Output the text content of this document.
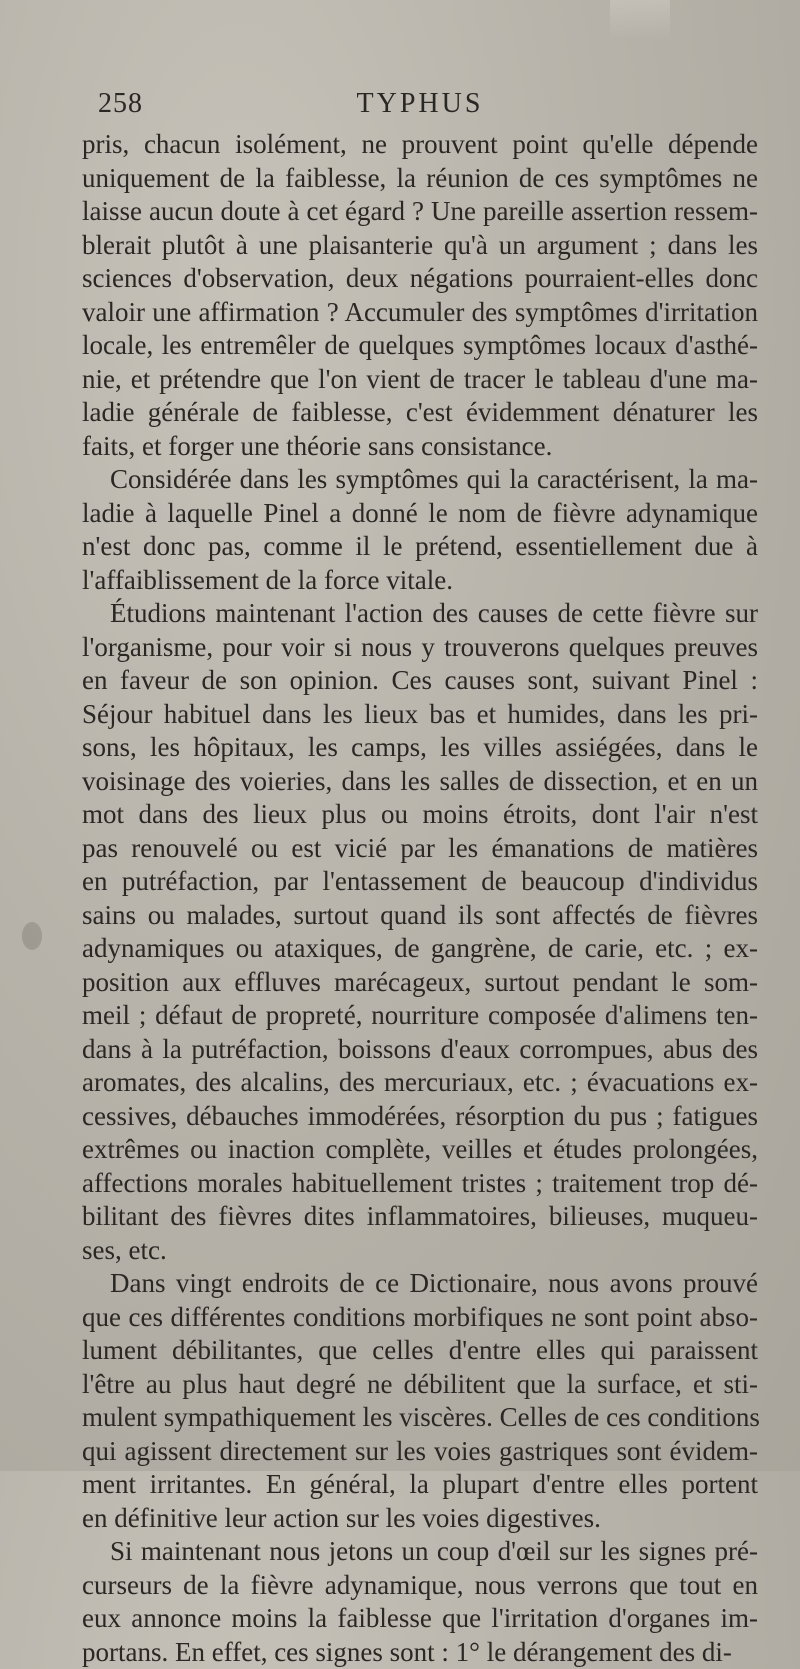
258	TYPHUS
pris, chacun isolément, ne prouvent point qu'elle dépende
uniquement de la faiblesse, la réunion de ces symptômes ne
laisse aucun doute à cet égard ? Une pareille assertion ressem-
blerait plutôt à une plaisanterie qu'à un argument ; dans les
sciences d'observation, deux négations pourraient-elles donc
valoir une affirmation ? Accumuler des symptômes d'irritation
locale, les entremêler de quelques symptômes locaux d'asthé-
nie, et prétendre que l'on vient de tracer le tableau d'une ma-
ladie générale de faiblesse, c'est évidemment dénaturer les
faits, et forger une théorie sans consistance.
Considérée dans les symptômes qui la caractérisent, la ma-
ladie à laquelle Pinel a donné le nom de fièvre adynamique
n'est donc pas, comme il le prétend, essentiellement due à
l'affaiblissement de la force vitale.
Étudions maintenant l'action des causes de cette fièvre sur
l'organisme, pour voir si nous y trouverons quelques preuves
en faveur de son opinion. Ces causes sont, suivant Pinel :
Séjour habituel dans les lieux bas et humides, dans les pri-
sons, les hôpitaux, les camps, les villes assiégées, dans le
voisinage des voieries, dans les salles de dissection, et en un
mot dans des lieux plus ou moins étroits, dont l'air n'est
pas renouvelé ou est vicié par les émanations de matières
en putréfaction, par l'entassement de beaucoup d'individus
sains ou malades, surtout quand ils sont affectés de fièvres
adynamiques ou ataxiques, de gangrène, de carie, etc. ; ex-
position aux effluves marécageux, surtout pendant le som-
meil ; défaut de propreté, nourriture composée d'alimens ten-
dans à la putréfaction, boissons d'eaux corrompues, abus des
aromates, des alcalins, des mercuriaux, etc. ; évacuations ex-
cessives, débauches immodérées, résorption du pus ; fatigues
extrêmes ou inaction complète, veilles et études prolongées,
affections morales habituellement tristes ; traitement trop dé-
bilitant des fièvres dites inflammatoires, bilieuses, muqueu-
ses, etc.
Dans vingt endroits de ce Dictionaire, nous avons prouvé
que ces différentes conditions morbifiques ne sont point abso-
lument débilitantes, que celles d'entre elles qui paraissent
l'être au plus haut degré ne débilitent que la surface, et sti-
mulent sympathiquement les viscères. Celles de ces conditions
qui agissent directement sur les voies gastriques sont évidem-
ment irritantes. En général, la plupart d'entre elles portent
en définitive leur action sur les voies digestives.
Si maintenant nous jetons un coup d'œil sur les signes pré-
curseurs de la fièvre adynamique, nous verrons que tout en
eux annonce moins la faiblesse que l'irritation d'organes im-
portans. En effet, ces signes sont : 1° le dérangement des di-
